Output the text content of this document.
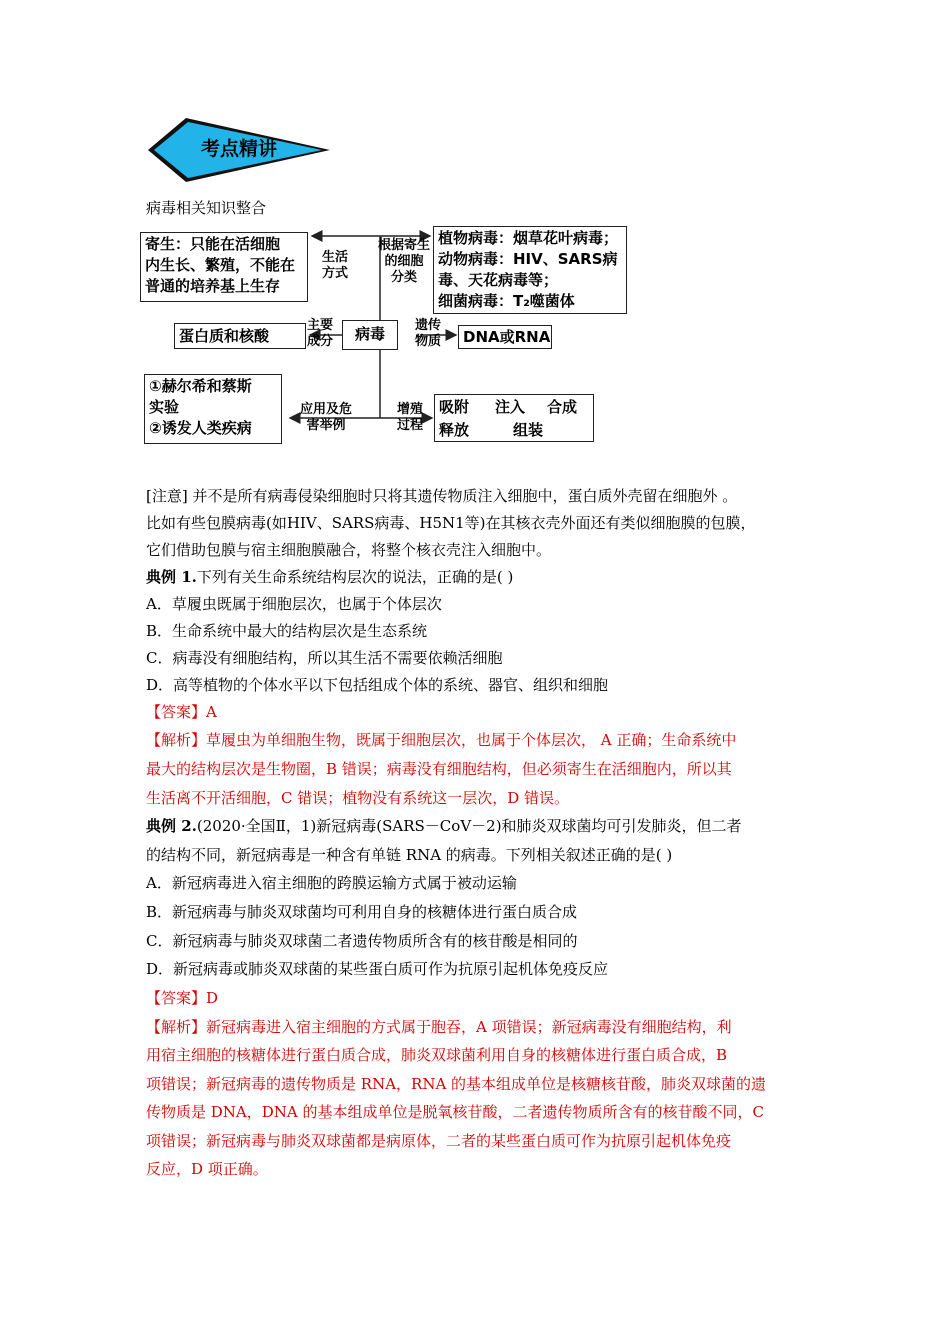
考点精讲
病毒相关知识整合
寄生：只能在活细胞
内生长、繁殖，不能在
普通的培养基上生存
生活
方式
根据寄生
的细胞
分类
植物病毒：烟草花叶病毒；
动物病毒：HIV、SARS病
毒、天花病毒等；
细菌病毒：T₂噬菌体
蛋白质和核酸
主要
成分	病毒	遗传
物质	DNA或RNA
①赫尔希和蔡斯
实验
②诱发人类疾病
应用及危
害举例
增殖
过程
吸附 注入 合成
释放	组装
[注意] 并不是所有病毒侵染细胞时只将其遗传物质注入细胞中，蛋白质外壳留在细胞外 。
比如有些包膜病毒(如HIV、SARS病毒、H5N1等)在其核衣壳外面还有类似细胞膜的包膜，
它们借助包膜与宿主细胞膜融合，将整个核衣壳注入细胞中。
典例 1.下列有关生命系统结构层次的说法，正确的是( )
A．草履虫既属于细胞层次，也属于个体层次
B．生命系统中最大的结构层次是生态系统
C．病毒没有细胞结构，所以其生活不需要依赖活细胞
D．高等植物的个体水平以下包括组成个体的系统、器官、组织和细胞
【答案】A
【解析】草履虫为单细胞生物，既属于细胞层次，也属于个体层次， A 正确；生命系统中
最大的结构层次是生物圈，B 错误；病毒没有细胞结构，但必须寄生在活细胞内，所以其
生活离不开活细胞，C 错误；植物没有系统这一层次，D 错误。
典例 2.(2020·全国Ⅱ，1)新冠病毒(SARS－CoV－2)和肺炎双球菌均可引发肺炎，但二者
的结构不同，新冠病毒是一种含有单链 RNA 的病毒。下列相关叙述正确的是( )
A．新冠病毒进入宿主细胞的跨膜运输方式属于被动运输
B．新冠病毒与肺炎双球菌均可利用自身的核糖体进行蛋白质合成
C．新冠病毒与肺炎双球菌二者遗传物质所含有的核苷酸是相同的
D．新冠病毒或肺炎双球菌的某些蛋白质可作为抗原引起机体免疫反应
【答案】D
【解析】新冠病毒进入宿主细胞的方式属于胞吞，A 项错误；新冠病毒没有细胞结构，利
用宿主细胞的核糖体进行蛋白质合成，肺炎双球菌利用自身的核糖体进行蛋白质合成，B
项错误；新冠病毒的遗传物质是 RNA，RNA 的基本组成单位是核糖核苷酸，肺炎双球菌的遗
传物质是 DNA，DNA 的基本组成单位是脱氧核苷酸，二者遗传物质所含有的核苷酸不同，C
项错误；新冠病毒与肺炎双球菌都是病原体，二者的某些蛋白质可作为抗原引起机体免疫
反应，D 项正确。
